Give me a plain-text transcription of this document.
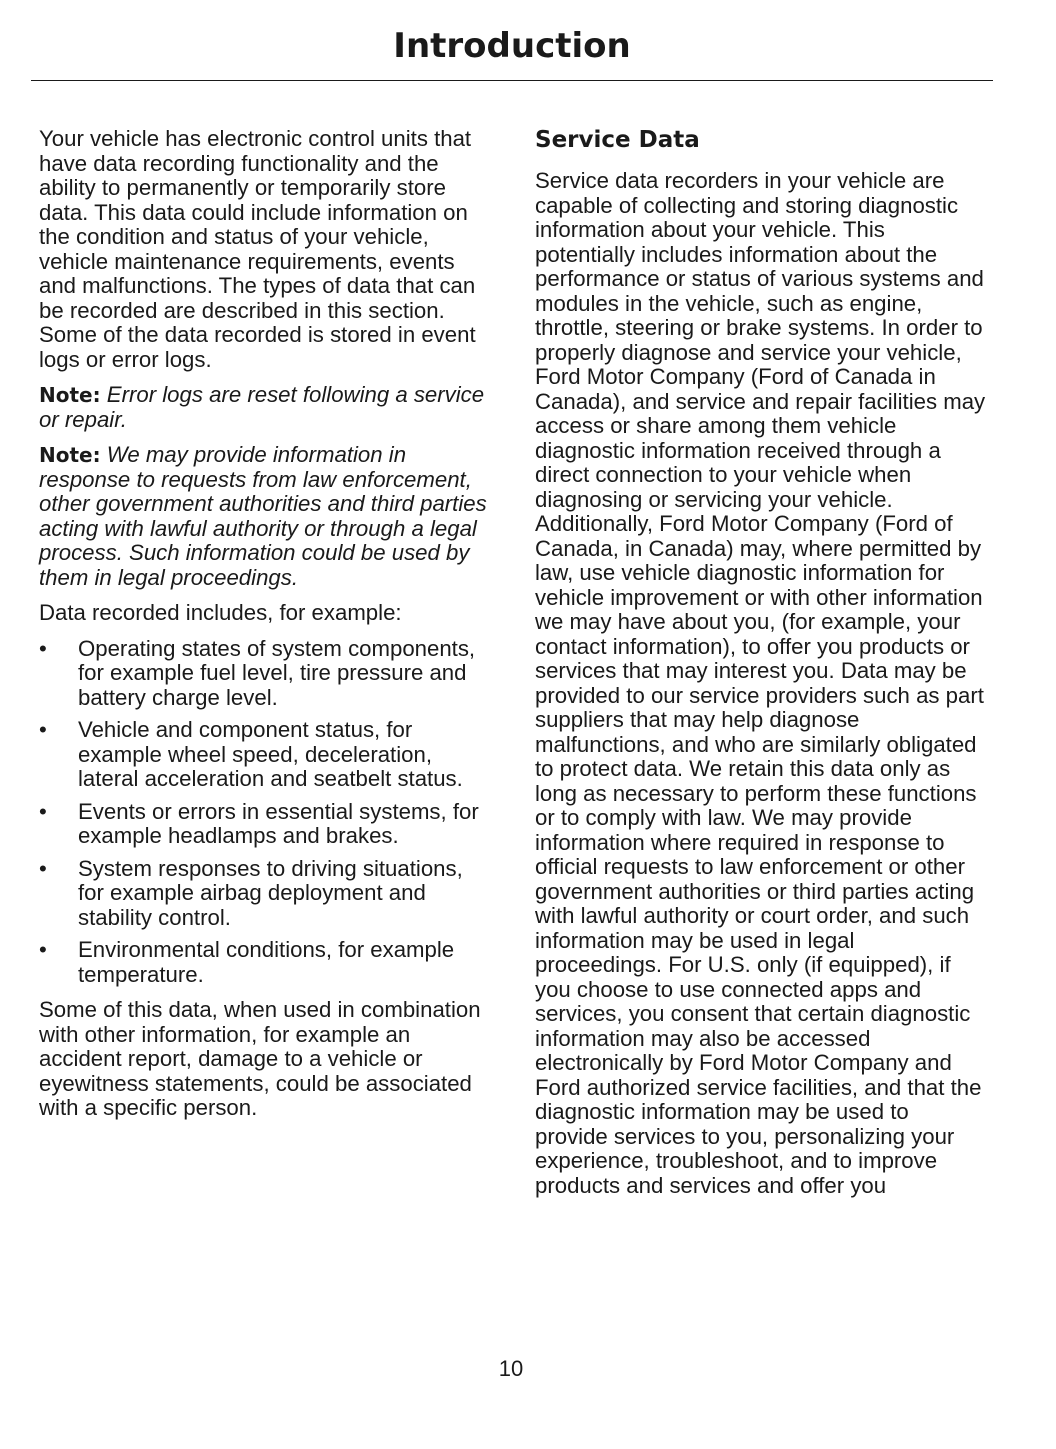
Introduction

Your vehicle has electronic control units that have data recording functionality and the ability to permanently or temporarily store data. This data could include information on the condition and status of your vehicle, vehicle maintenance requirements, events and malfunctions. The types of data that can be recorded are described in this section. Some of the data recorded is stored in event logs or error logs.

Note: Error logs are reset following a service or repair.

Note: We may provide information in response to requests from law enforcement, other government authorities and third parties acting with lawful authority or through a legal process. Such information could be used by them in legal proceedings.

Data recorded includes, for example:

• Operating states of system components, for example fuel level, tire pressure and battery charge level.
• Vehicle and component status, for example wheel speed, deceleration, lateral acceleration and seatbelt status.
• Events or errors in essential systems, for example headlamps and brakes.
• System responses to driving situations, for example airbag deployment and stability control.
• Environmental conditions, for example temperature.

Some of this data, when used in combination with other information, for example an accident report, damage to a vehicle or eyewitness statements, could be associated with a specific person.

Service Data

Service data recorders in your vehicle are capable of collecting and storing diagnostic information about your vehicle. This potentially includes information about the performance or status of various systems and modules in the vehicle, such as engine, throttle, steering or brake systems. In order to properly diagnose and service your vehicle, Ford Motor Company (Ford of Canada in Canada), and service and repair facilities may access or share among them vehicle diagnostic information received through a direct connection to your vehicle when diagnosing or servicing your vehicle. Additionally, Ford Motor Company (Ford of Canada, in Canada) may, where permitted by law, use vehicle diagnostic information for vehicle improvement or with other information we may have about you, (for example, your contact information), to offer you products or services that may interest you. Data may be provided to our service providers such as part suppliers that may help diagnose malfunctions, and who are similarly obligated to protect data. We retain this data only as long as necessary to perform these functions or to comply with law. We may provide information where required in response to official requests to law enforcement or other government authorities or third parties acting with lawful authority or court order, and such information may be used in legal proceedings. For U.S. only (if equipped), if you choose to use connected apps and services, you consent that certain diagnostic information may also be accessed electronically by Ford Motor Company and Ford authorized service facilities, and that the diagnostic information may be used to provide services to you, personalizing your experience, troubleshoot, and to improve products and services and offer you

10
